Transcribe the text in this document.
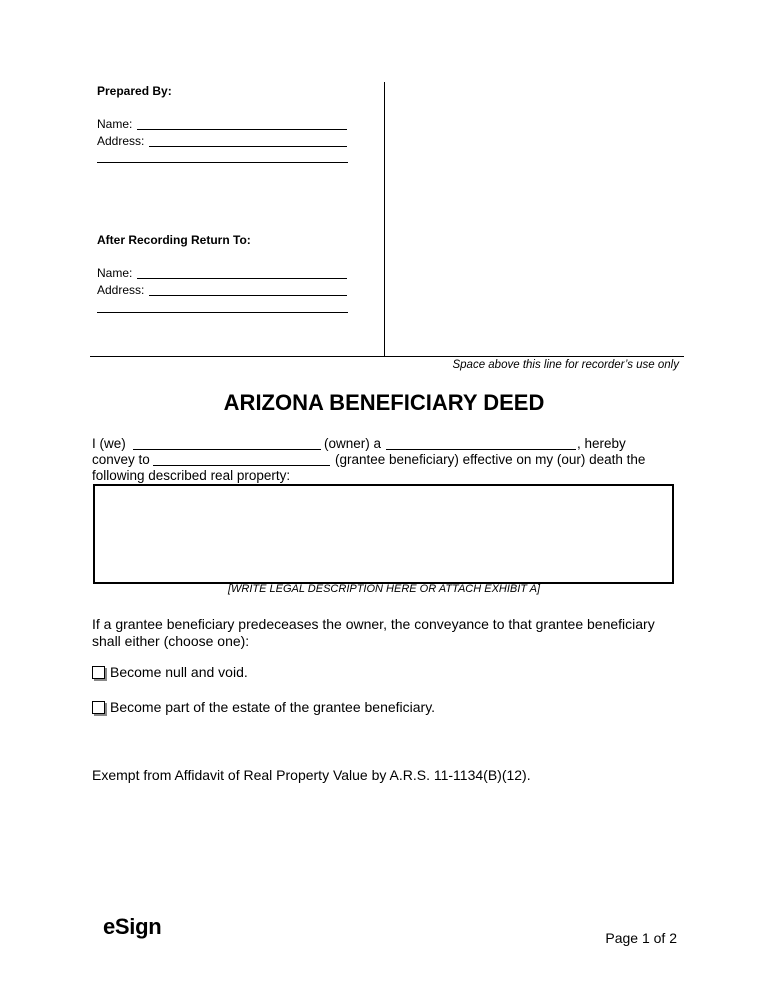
Prepared By:
Name:
Address:
After Recording Return To:
Name:
Address:
Space above this line for recorder’s use only
ARIZONA BENEFICIARY DEED
I (we)	(owner) a	, hereby
convey to	(grantee beneficiary) effective on my (our) death the
following described real property:
[WRITE LEGAL DESCRIPTION HERE OR ATTACH EXHIBIT A]
If a grantee beneficiary predeceases the owner, the conveyance to that grantee beneficiary shall either (choose one):
Become null and void.
Become part of the estate of the grantee beneficiary.
Exempt from Affidavit of Real Property Value by A.R.S. 11-1134(B)(12).
eSign	Page 1 of 2
